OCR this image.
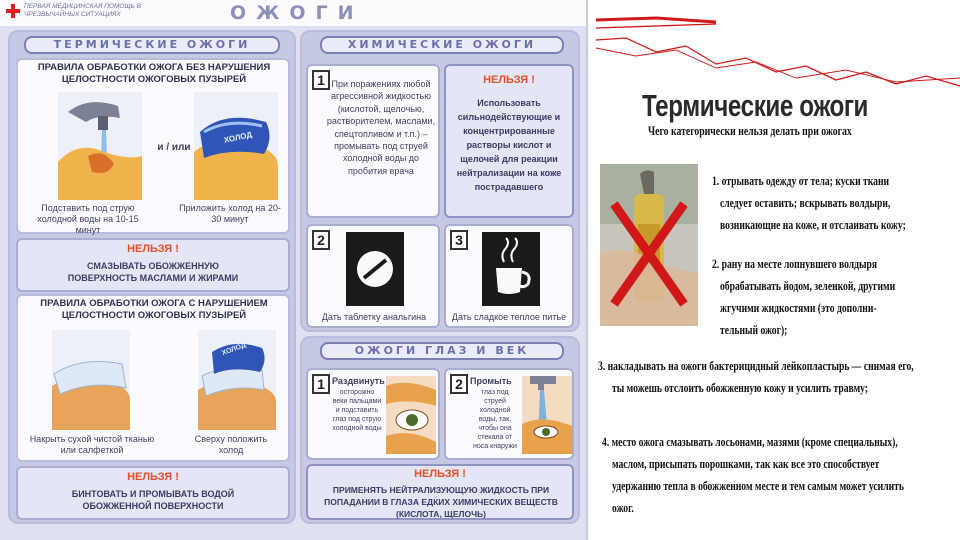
ПЕРВАЯ МЕДИЦИНСКАЯ ПОМОЩЬ В ЧРЕЗВЫЧАЙНЫХ СИТУАЦИЯХ	ОЖОГИ
ТЕРМИЧЕСКИЕ ОЖОГИ
ПРАВИЛА ОБРАБОТКИ ОЖОГА БЕЗ НАРУШЕНИЯ ЦЕЛОСТНОСТИ ОЖОГОВЫХ ПУЗЫРЕЙ
и / или
ХОЛОД
Подставить под струю холодной воды на 10-15 минут
Приложить холод на 20-30 минут
НЕЛЬЗЯ !
СМАЗЫВАТЬ ОБОЖЖЕННУЮ ПОВЕРХНОСТЬ МАСЛАМИ И ЖИРАМИ
ПРАВИЛА ОБРАБОТКИ ОЖОГА С НАРУШЕНИЕМ ЦЕЛОСТНОСТИ ОЖОГОВЫХ ПУЗЫРЕЙ
ХОЛОД
Накрыть сухой чистой тканью или салфеткой
Сверху положить холод
НЕЛЬЗЯ !
БИНТОВАТЬ И ПРОМЫВАТЬ ВОДОЙ ОБОЖЖЕННОЙ ПОВЕРХНОСТИ
ХИМИЧЕСКИЕ ОЖОГИ
1 При поражениях любой агрессивной жидкостью (кислотой, щелочью, растворителем, маслами, спецтопливом и т.п.) – промывать под струей холодной воды до пробития врача
НЕЛЬЗЯ !
Использовать сильнодействующие и концентрированные растворы кислот и щелочей для реакции нейтрализации на коже пострадавшего
2
Дать таблетку анальгина
3
Дать сладкое теплое питье
ОЖОГИ ГЛАЗ И ВЕК
1 Раздвинуть
осторожно веки пальцами и подставить глаз под струю холодной воды
2 Промыть
глаз под струей холодной воды, так, чтобы она стекала от носа кнаружи
НЕЛЬЗЯ !
ПРИМЕНЯТЬ НЕЙТРАЛИЗУЮЩУЮ ЖИДКОСТЬ ПРИ ПОПАДАНИИ В ГЛАЗА ЕДКИХ ХИМИЧЕСКИХ ВЕЩЕСТВ (КИСЛОТА, ЩЕЛОЧЬ)
Термические ожоги
Чего категорически нельзя делать при ожогах
1. отрывать одежду от тела; куски ткани
следует оставить; вскрывать волдыри,
возникающие на коже, и отслаивать кожу;
2. рану на месте лопнувшего волдыря
обрабатывать йодом, зеленкой, другими
жгучими жидкостями (это дополни-
тельный ожог);
3. накладывать на ожоги бактерицидный лейкопластырь — снимая его,
ты можешь отслоить обожженную кожу и усилить травму;
4. место ожога смазывать лосьонами, мазями (кроме специальных),
маслом, присыпать порошками, так как все это способствует
удержанию тепла в обожженном месте и тем самым может усилить
ожог.
